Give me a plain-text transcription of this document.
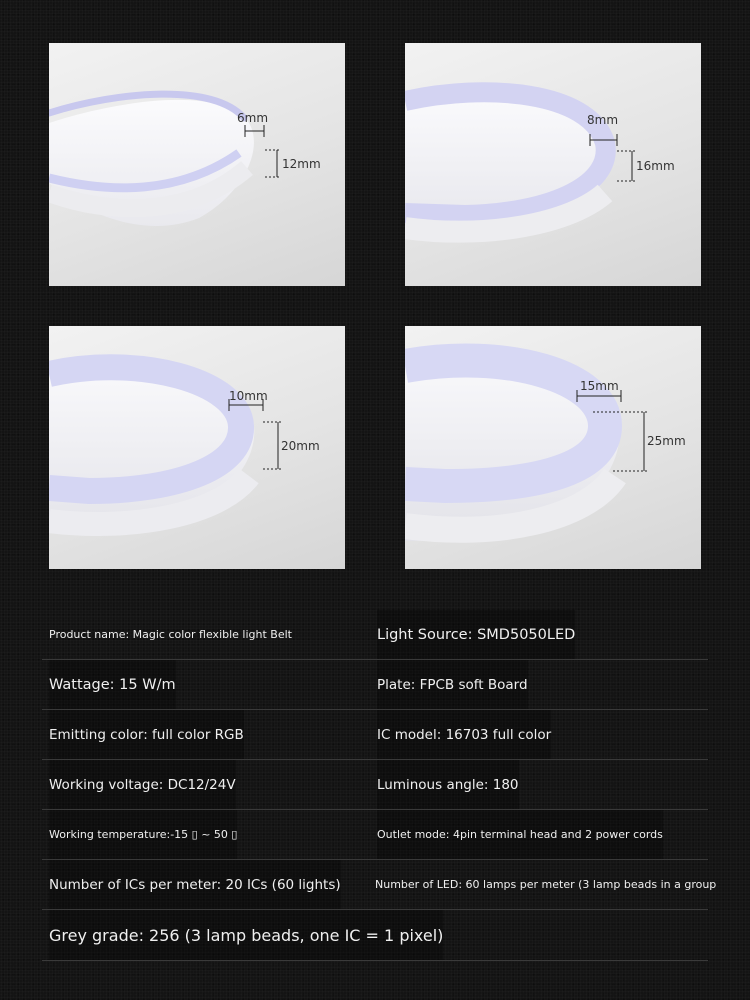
6mm
12mm
8mm
16mm
10mm
20mm
15mm
25mm
Product name: Magic color flexible light Belt	Light Source: SMD5050LED
Wattage: 15 W/m	Plate: FPCB soft Board
Emitting color: full color RGB	IC model: 16703 full color
Working voltage: DC12/24V	Luminous angle: 180
Working temperature:-15 ▯ ~ 50 ▯	Outlet mode: 4pin terminal head and 2 power cords
Number of ICs per meter: 20 ICs (60 lights)	Number of LED: 60 lamps per meter (3 lamp beads in a group
Grey grade: 256 (3 lamp beads, one IC = 1 pixel)
